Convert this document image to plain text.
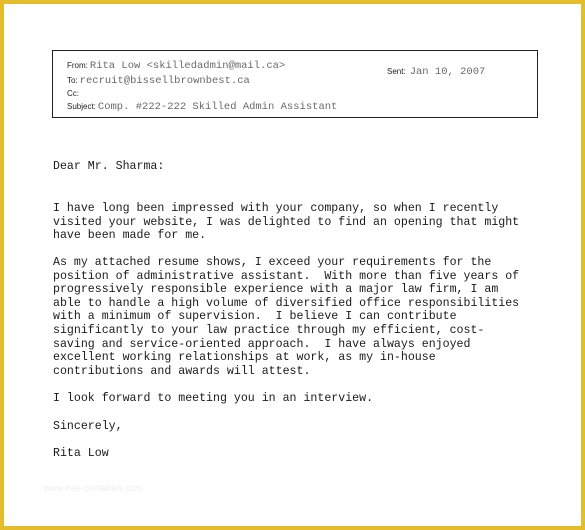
From: Rita Low <skilledadmin@mail.ca>	Sent: Jan 10, 2007
To: recruit@bissellbrownbest.ca
Cc:
Subject: Comp. #222-222 Skilled Admin Assistant
Dear Mr. Sharma:
I have long been impressed with your company, so when I recently
visited your website, I was delighted to find an opening that might
have been made for me.
As my attached resume shows, I exceed your requirements for the
position of administrative assistant.  With more than five years of
progressively responsible experience with a major law firm, I am
able to handle a high volume of diversified office responsibilities
with a minimum of supervision.  I believe I can contribute
significantly to your law practice through my efficient, cost-
saving and service-oriented approach.  I have always enjoyed
excellent working relationships at work, as my in-house
contributions and awards will attest.
I look forward to meeting you in an interview.
Sincerely,
Rita Low
www.free-printables.com
